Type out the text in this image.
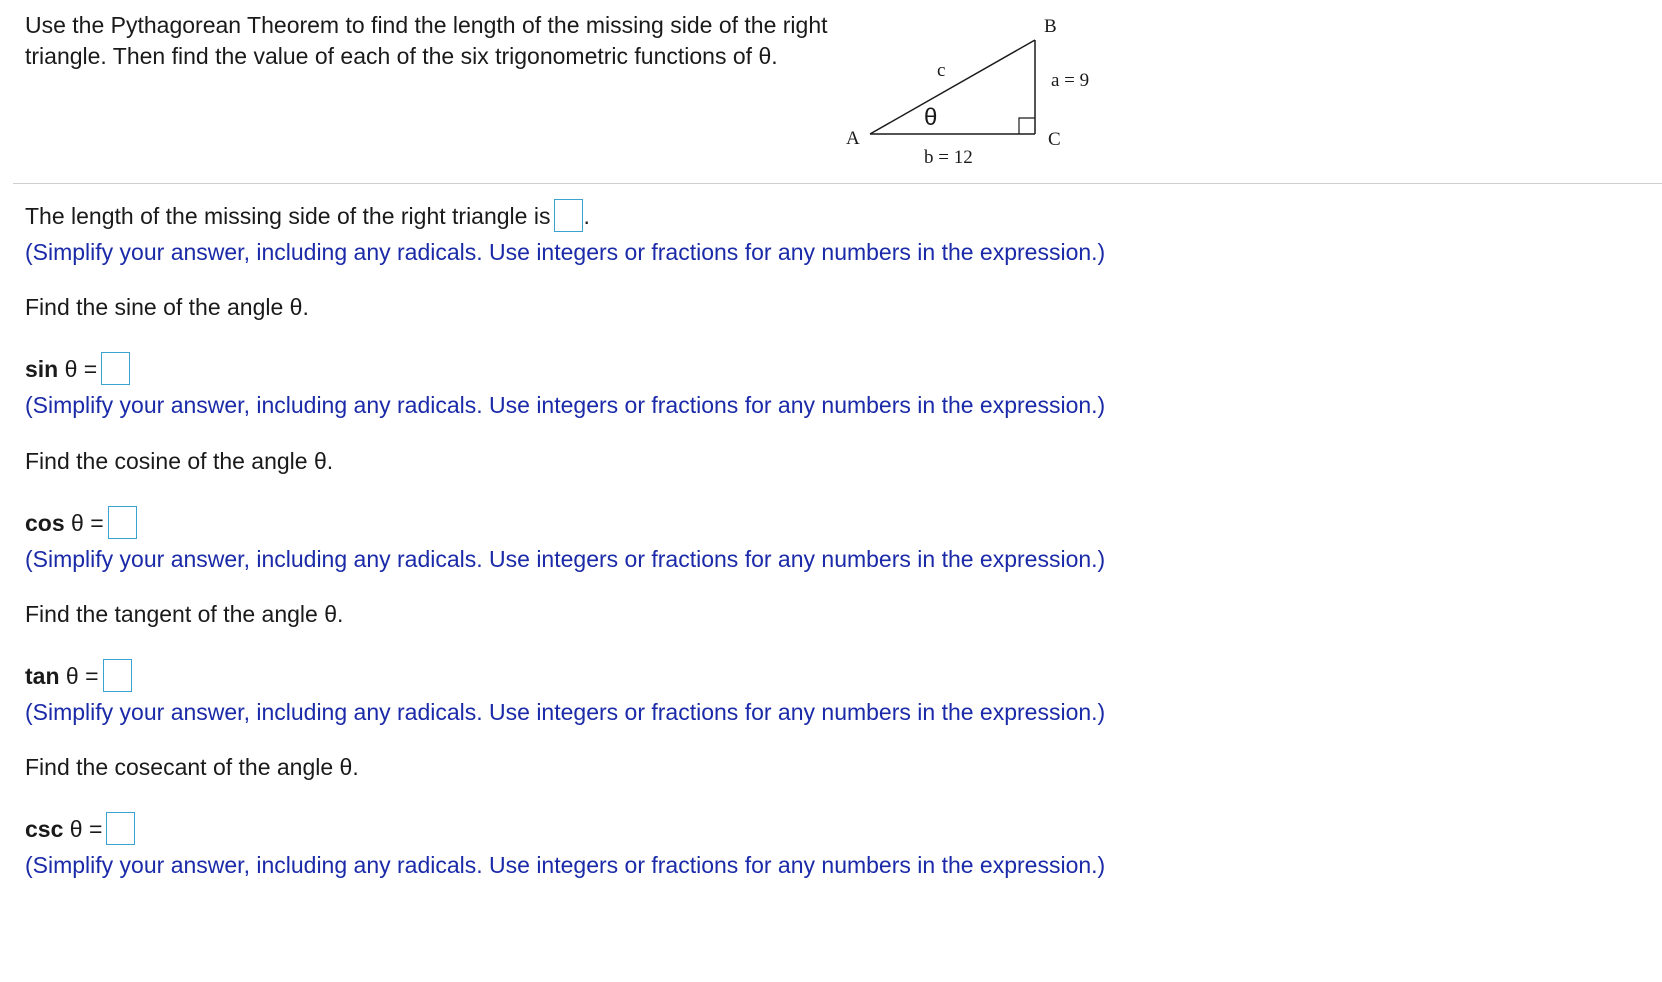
Use the Pythagorean Theorem to find the length of the missing side of the right triangle. Then find the value of each of the six trigonometric functions of θ.
B
c	a = 9
θ
A	C
b = 12
The length of the missing side of the right triangle is .
(Simplify your answer, including any radicals. Use integers or fractions for any numbers in the expression.)
Find the sine of the angle θ.
sin θ =
(Simplify your answer, including any radicals. Use integers or fractions for any numbers in the expression.)
Find the cosine of the angle θ.
cos θ =
(Simplify your answer, including any radicals. Use integers or fractions for any numbers in the expression.)
Find the tangent of the angle θ.
tan θ =
(Simplify your answer, including any radicals. Use integers or fractions for any numbers in the expression.)
Find the cosecant of the angle θ.
csc θ =
(Simplify your answer, including any radicals. Use integers or fractions for any numbers in the expression.)
